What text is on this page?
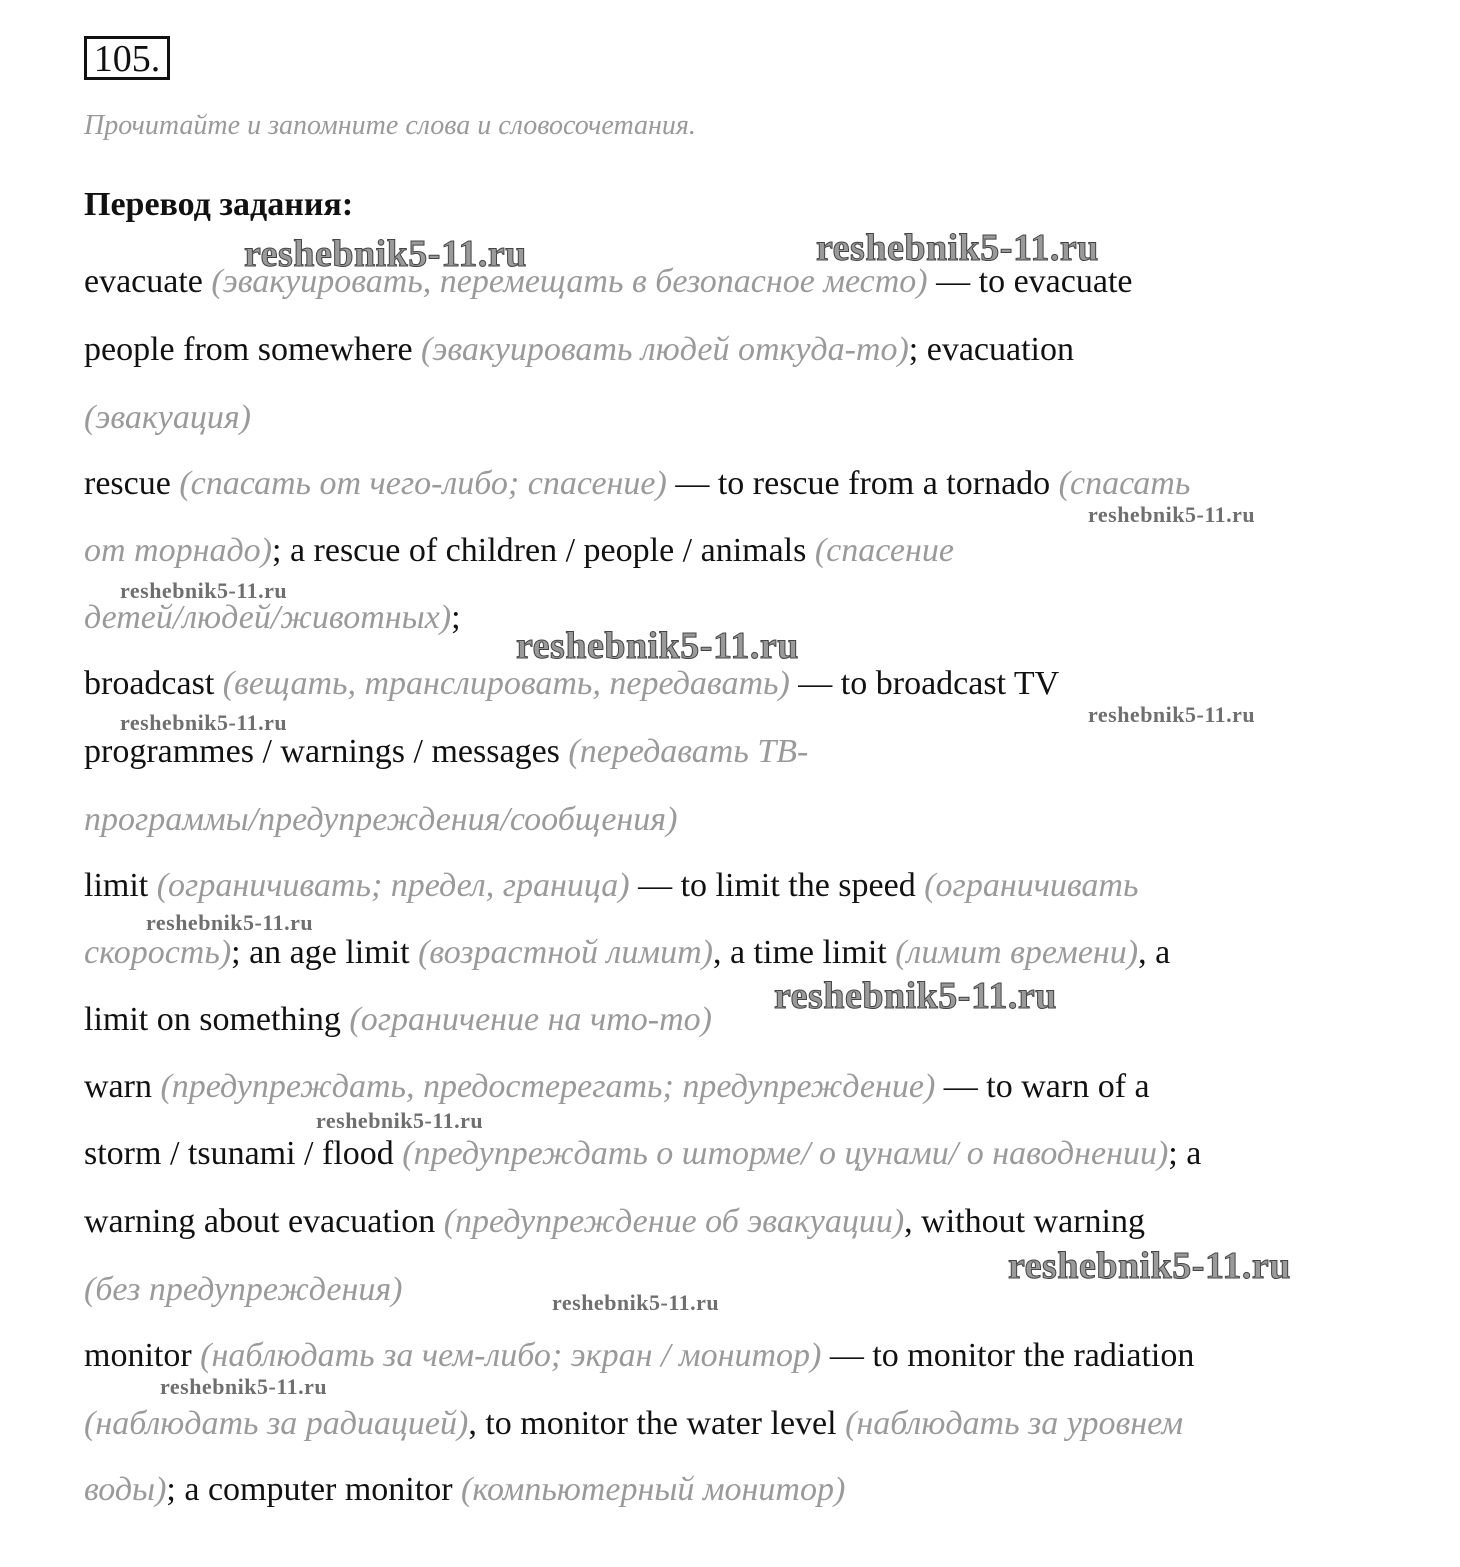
105.
Прочитайте и запомните слова и словосочетания.
Перевод задания:
evacuate (эвакуировать, перемещать в безопасное место) — to evacuate
people from somewhere (эвакуировать людей откуда-то); evacuation
(эвакуация)
rescue (спасать от чего-либо; спасение) — to rescue from a tornado (спасать
от торнадо); a rescue of children / people / animals (спасение
детей/людей/животных);
broadcast (вещать, транслировать, передавать) — to broadcast TV
programmes / warnings / messages (передавать ТВ-
программы/предупреждения/сообщения)
limit (ограничивать; предел, граница) — to limit the speed (ограничивать
скорость); an age limit (возрастной лимит), a time limit (лимит времени), a
limit on something (ограничение на что-то)
warn (предупреждать, предостерегать; предупреждение) — to warn of a
storm / tsunami / flood (предупреждать о шторме/ о цунами/ о наводнении); a
warning about evacuation (предупреждение об эвакуации), without warning
(без предупреждения)
monitor (наблюдать за чем-либо; экран / монитор) — to monitor the radiation
(наблюдать за радиацией), to monitor the water level (наблюдать за уровнем
воды); a computer monitor (компьютерный монитор)
reshebnik5-11.ru	reshebnik5-11.ru
reshebnik5-11.ru
reshebnik5-11.ru
reshebnik5-11.ru
reshebnik5-11.ru	reshebnik5-11.ru
reshebnik5-11.ru
reshebnik5-11.ru
reshebnik5-11.ru
reshebnik5-11.ru
reshebnik5-11.ru
reshebnik5-11.ru
